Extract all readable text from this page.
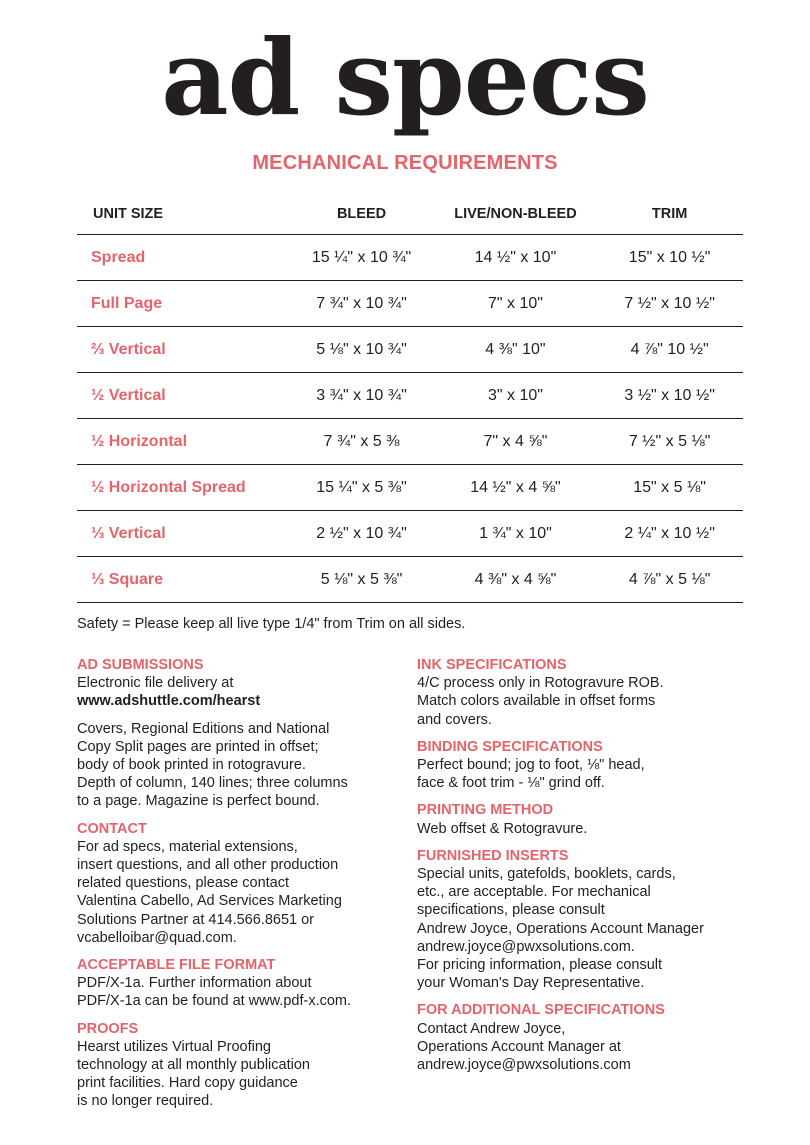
ad specs
MECHANICAL REQUIREMENTS
UNIT SIZE	BLEED	LIVE/NON-BLEED	TRIM
Spread	15 ¼" x 10 ¾"	14 ½" x 10"	15" x 10 ½"
Full Page	7 ¾" x 10 ¾"	7" x 10"	7 ½" x 10 ½"
⅔ Vertical	5 ⅛" x 10 ¾"	4 ⅜" 10"	4 ⅞" 10 ½"
½ Vertical	3 ¾" x 10 ¾"	3" x 10"	3 ½" x 10 ½"
½ Horizontal	7 ¾" x 5 ⅜	7" x 4 ⅝"	7 ½" x 5 ⅛"
½ Horizontal Spread	15 ¼" x 5 ⅜"	14 ½" x 4 ⅝"	15" x 5 ⅛"
⅓ Vertical	2 ½" x 10 ¾"	1 ¾" x 10"	2 ¼" x 10 ½"
⅓ Square	5 ⅛" x 5 ⅜"	4 ⅜" x 4 ⅝"	4 ⅞" x 5 ⅛"
Safety = Please keep all live type 1/4" from Trim on all sides.
AD SUBMISSIONS
Electronic file delivery at
www.adshuttle.com/hearst
Covers, Regional Editions and National
Copy Split pages are printed in offset;
body of book printed in rotogravure.
Depth of column, 140 lines; three columns
to a page. Magazine is perfect bound.
CONTACT
For ad specs, material extensions,
insert questions, and all other production
related questions, please contact
Valentina Cabello, Ad Services Marketing
Solutions Partner at 414.566.8651 or
vcabelloibar@quad.com.
ACCEPTABLE FILE FORMAT
PDF/X-1a. Further information about
PDF/X-1a can be found at www.pdf-x.com.
PROOFS
Hearst utilizes Virtual Proofing
technology at all monthly publication
print facilities. Hard copy guidance
is no longer required.
INK SPECIFICATIONS
4/C process only in Rotogravure ROB.
Match colors available in offset forms
and covers.
BINDING SPECIFICATIONS
Perfect bound; jog to foot, ⅛" head,
face & foot trim - ⅛" grind off.
PRINTING METHOD
Web offset & Rotogravure.
FURNISHED INSERTS
Special units, gatefolds, booklets, cards,
etc., are acceptable. For mechanical
specifications, please consult
Andrew Joyce, Operations Account Manager
andrew.joyce@pwxsolutions.com.
For pricing information, please consult
your Woman's Day Representative.
FOR ADDITIONAL SPECIFICATIONS
Contact Andrew Joyce,
Operations Account Manager at
andrew.joyce@pwxsolutions.com
